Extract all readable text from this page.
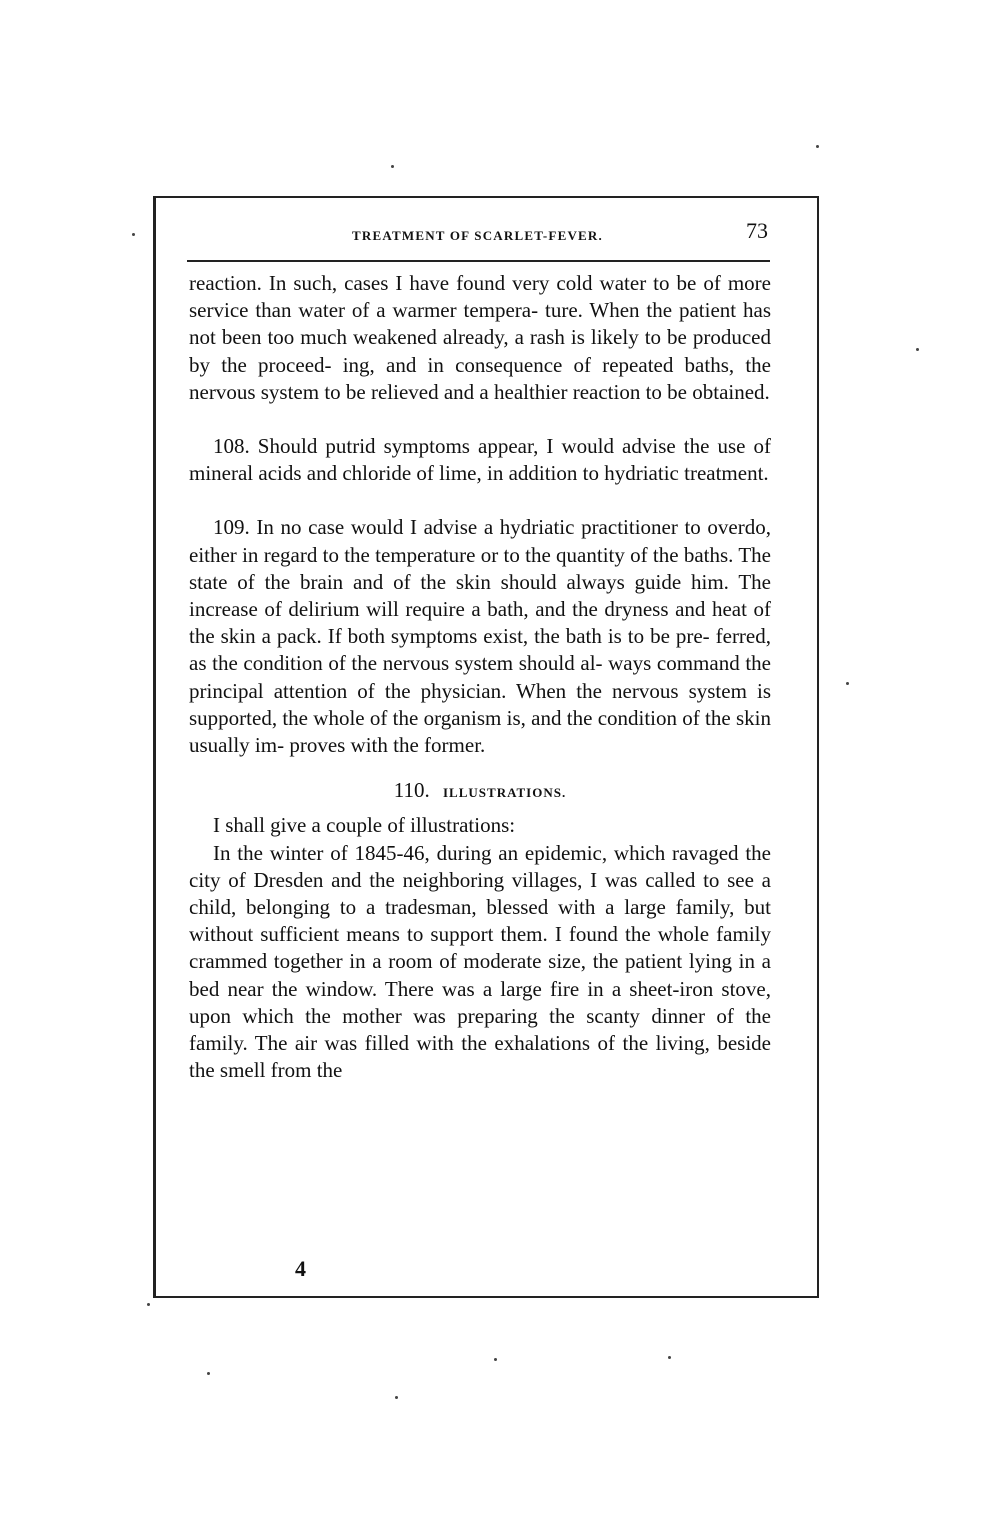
TREATMENT OF SCARLET-FEVER.	73

reaction. In such, cases I have found very cold water to be of more service than water of a warmer tempera- ture. When the patient has not been too much weakened already, a rash is likely to be produced by the proceed- ing, and in consequence of repeated baths, the nervous system to be relieved and a healthier reaction to be obtained.

108. Should putrid symptoms appear, I would advise the use of mineral acids and chloride of lime, in addition to hydriatic treatment.

109. In no case would I advise a hydriatic practitioner to overdo, either in regard to the temperature or to the quantity of the baths. The state of the brain and of the skin should always guide him. The increase of delirium will require a bath, and the dryness and heat of the skin a pack. If both symptoms exist, the bath is to be pre- ferred, as the condition of the nervous system should al- ways command the principal attention of the physician. When the nervous system is supported, the whole of the organism is, and the condition of the skin usually im- proves with the former.

110. ILLUSTRATIONS.

I shall give a couple of illustrations:

In the winter of 1845-46, during an epidemic, which ravaged the city of Dresden and the neighboring villages, I was called to see a child, belonging to a tradesman, blessed with a large family, but without sufficient means to support them. I found the whole family crammed together in a room of moderate size, the patient lying in a bed near the window. There was a large fire in a sheet-iron stove, upon which the mother was preparing the scanty dinner of the family. The air was filled with the exhalations of the living, beside the smell from the

4
